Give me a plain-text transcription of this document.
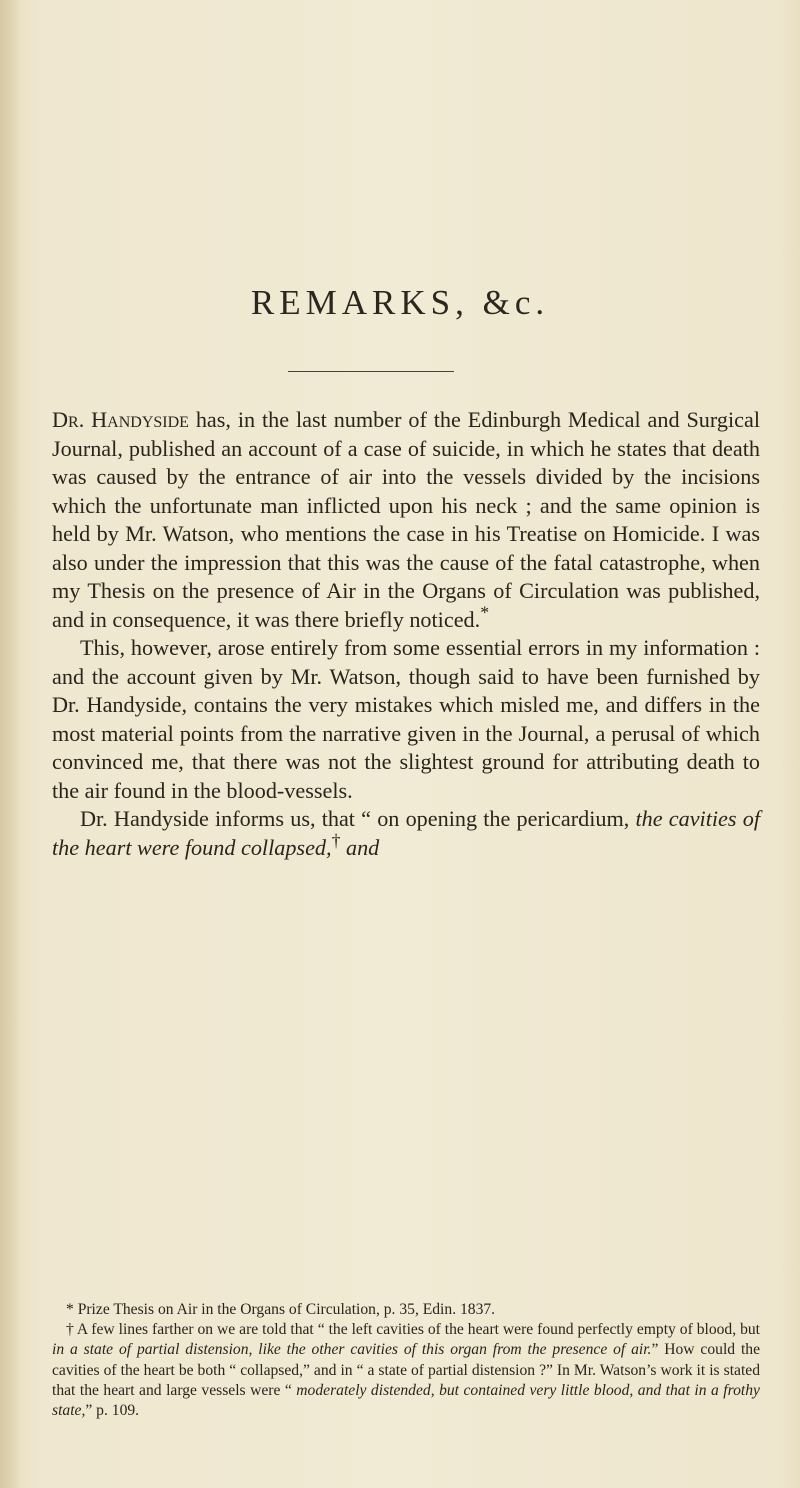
REMARKS, &c.

Dr. Handyside has, in the last number of the Edinburgh Medical and Surgical Journal, published an account of a case of suicide, in which he states that death was caused by the entrance of air into the vessels divided by the incisions which the unfortunate man inflicted upon his neck ; and the same opinion is held by Mr. Watson, who mentions the case in his Treatise on Homicide. I was also under the impression that this was the cause of the fatal catastrophe, when my Thesis on the presence of Air in the Organs of Circulation was published, and in consequence, it was there briefly noticed.*

This, however, arose entirely from some essential errors in my information : and the account given by Mr. Watson, though said to have been furnished by Dr. Handyside, contains the very mistakes which misled me, and differs in the most material points from the narrative given in the Journal, a perusal of which convinced me, that there was not the slightest ground for attributing death to the air found in the blood-vessels.

Dr. Handyside informs us, that “ on opening the pericardium, the cavities of the heart were found collapsed,† and

* Prize Thesis on Air in the Organs of Circulation, p. 35, Edin. 1837.

† A few lines farther on we are told that “ the left cavities of the heart were found perfectly empty of blood, but in a state of partial distension, like the other cavities of this organ from the presence of air.” How could the cavities of the heart be both “ collapsed,” and in “ a state of partial distension ?” In Mr. Watson’s work it is stated that the heart and large vessels were “ moderately distended, but contained very little blood, and that in a frothy state,” p. 109.
